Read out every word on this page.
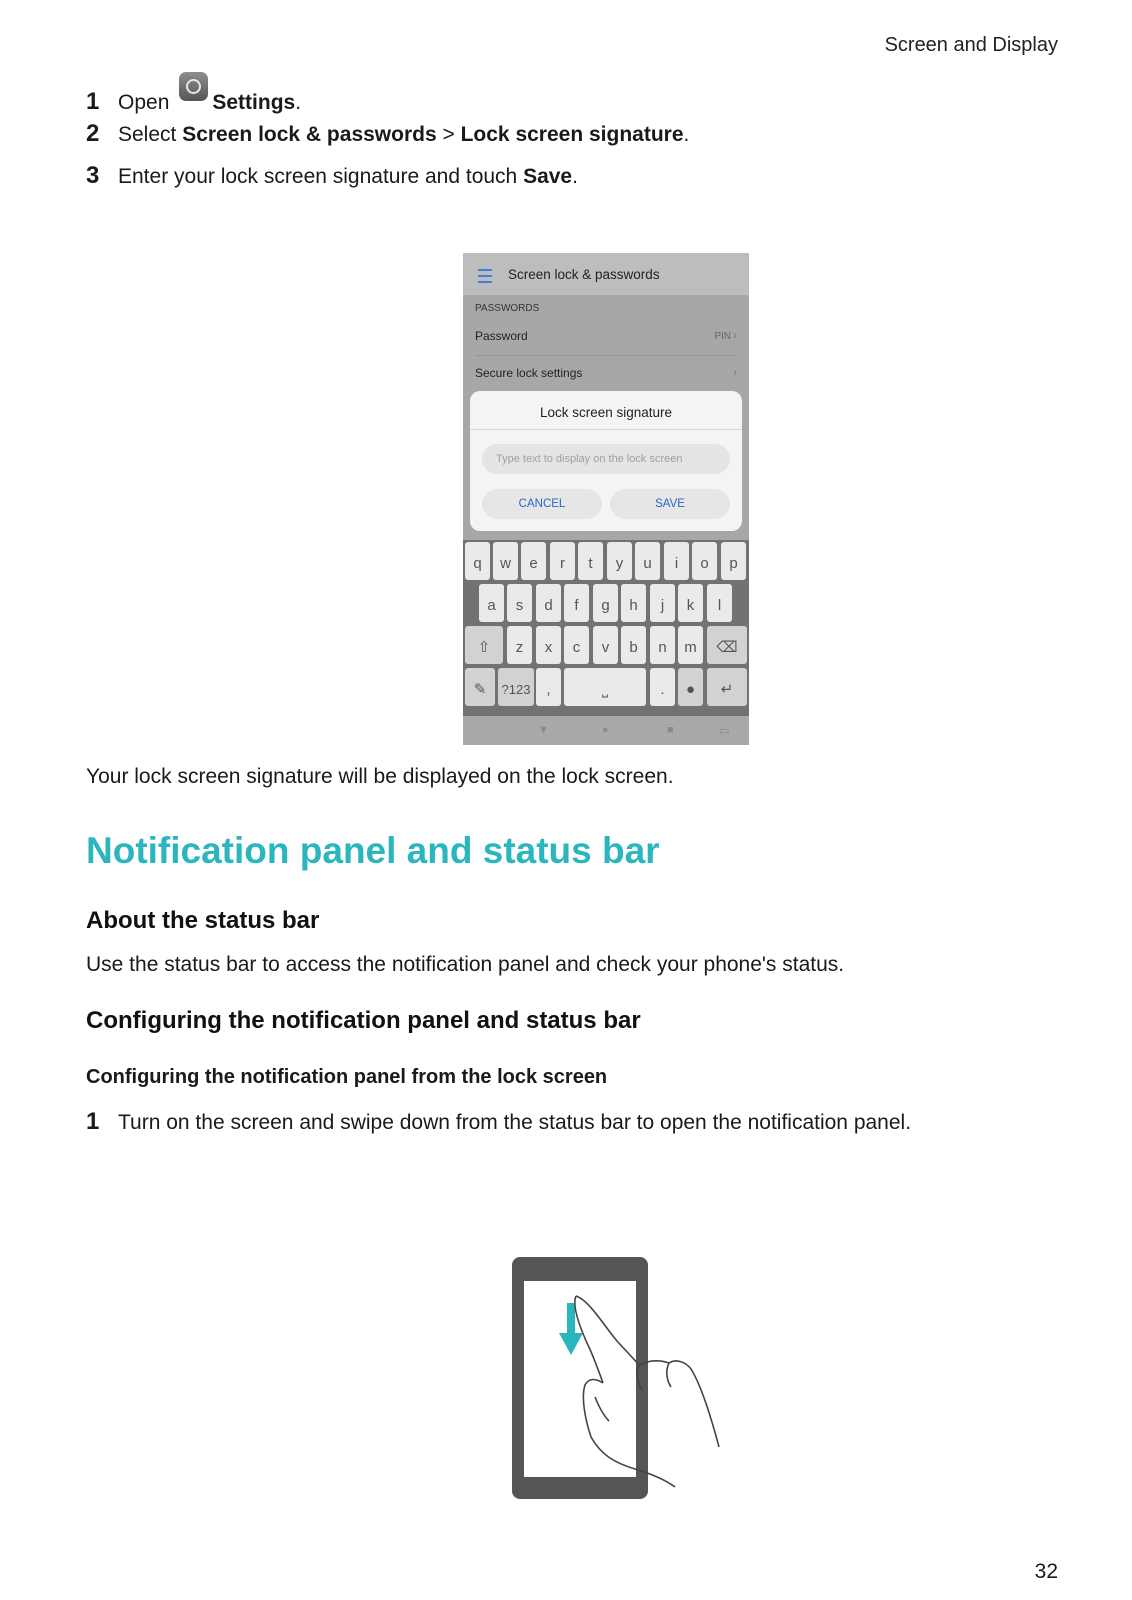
Screen and Display
1 Open Settings .
2 Select Screen lock & passwords > Lock screen signature .
3 Enter your lock screen signature and touch Save .
Screen lock & passwords
PASSWORDS
Password	PIN ›
Secure lock settings	›
Lock screen signature
Type text to display on the lock screen
CANCEL	SAVE
q	w	e	r	t	y	u	i	o	p
a	s	d	f	g	h	j	k	l
⇧	z	x	c	v	b	n	m	⌫
✎	?123	,	⎵	.	●	↵
▼	●	■	▭
Your lock screen signature will be displayed on the lock screen.
Notification panel and status bar
About the status bar
Use the status bar to access the notification panel and check your phone's status.
Configuring the notification panel and status bar
Configuring the notification panel from the lock screen
1 Turn on the screen and swipe down from the status bar to open the notification panel.
32
